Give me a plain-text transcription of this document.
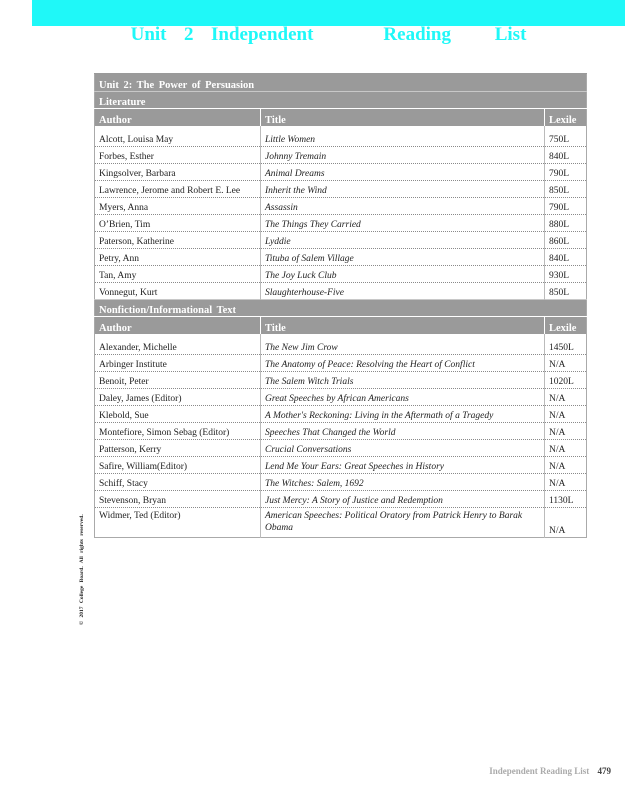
Unit  2  Independent        Reading     List
Unit 2: The Power of Persuasion		
Literature		
Author	Title	Lexile

Alcott, Louisa May	Little Women	750L
Forbes, Esther	Johnny Tremain	840L
Kingsolver, Barbara	Animal Dreams	790L
Lawrence, Jerome and Robert E. Lee	Inherit the Wind	850L
Myers, Anna	Assassin	790L
O’Brien, Tim	The Things They Carried	880L
Paterson, Katherine	Lyddie	860L
Petry, Ann	Tituba of Salem Village	840L
Tan, Amy	The Joy Luck Club	930L
Vonnegut, Kurt	Slaughterhouse-Five	850L
Nonfiction/Informational Text		
Author	Title	Lexile

Alexander, Michelle	The New Jim Crow	1450L
Arbinger Institute	The Anatomy of Peace: Resolving the Heart of Conflict	N/A
Benoit, Peter	The Salem Witch Trials	1020L
Daley, James (Editor)	Great Speeches by African Americans	N/A
Klebold, Sue	A Mother's Reckoning: Living in the Aftermath of a Tragedy	N/A
Montefiore, Simon Sebag (Editor)	Speeches That Changed the World	N/A
Patterson, Kerry	Crucial Conversations	N/A
Safire, William(Editor)	Lend Me Your Ears: Great Speeches in History	N/A
Schiff, Stacy	The Witches: Salem, 1692	N/A
Stevenson, Bryan	Just Mercy: A Story of Justice and Redemption	1130L
Widmer, Ted (Editor)	American Speeches: Political Oratory from Patrick Henry to Barak Obama	N/A
© 2017 College Board. All rights reserved.
Independent Reading List 479
